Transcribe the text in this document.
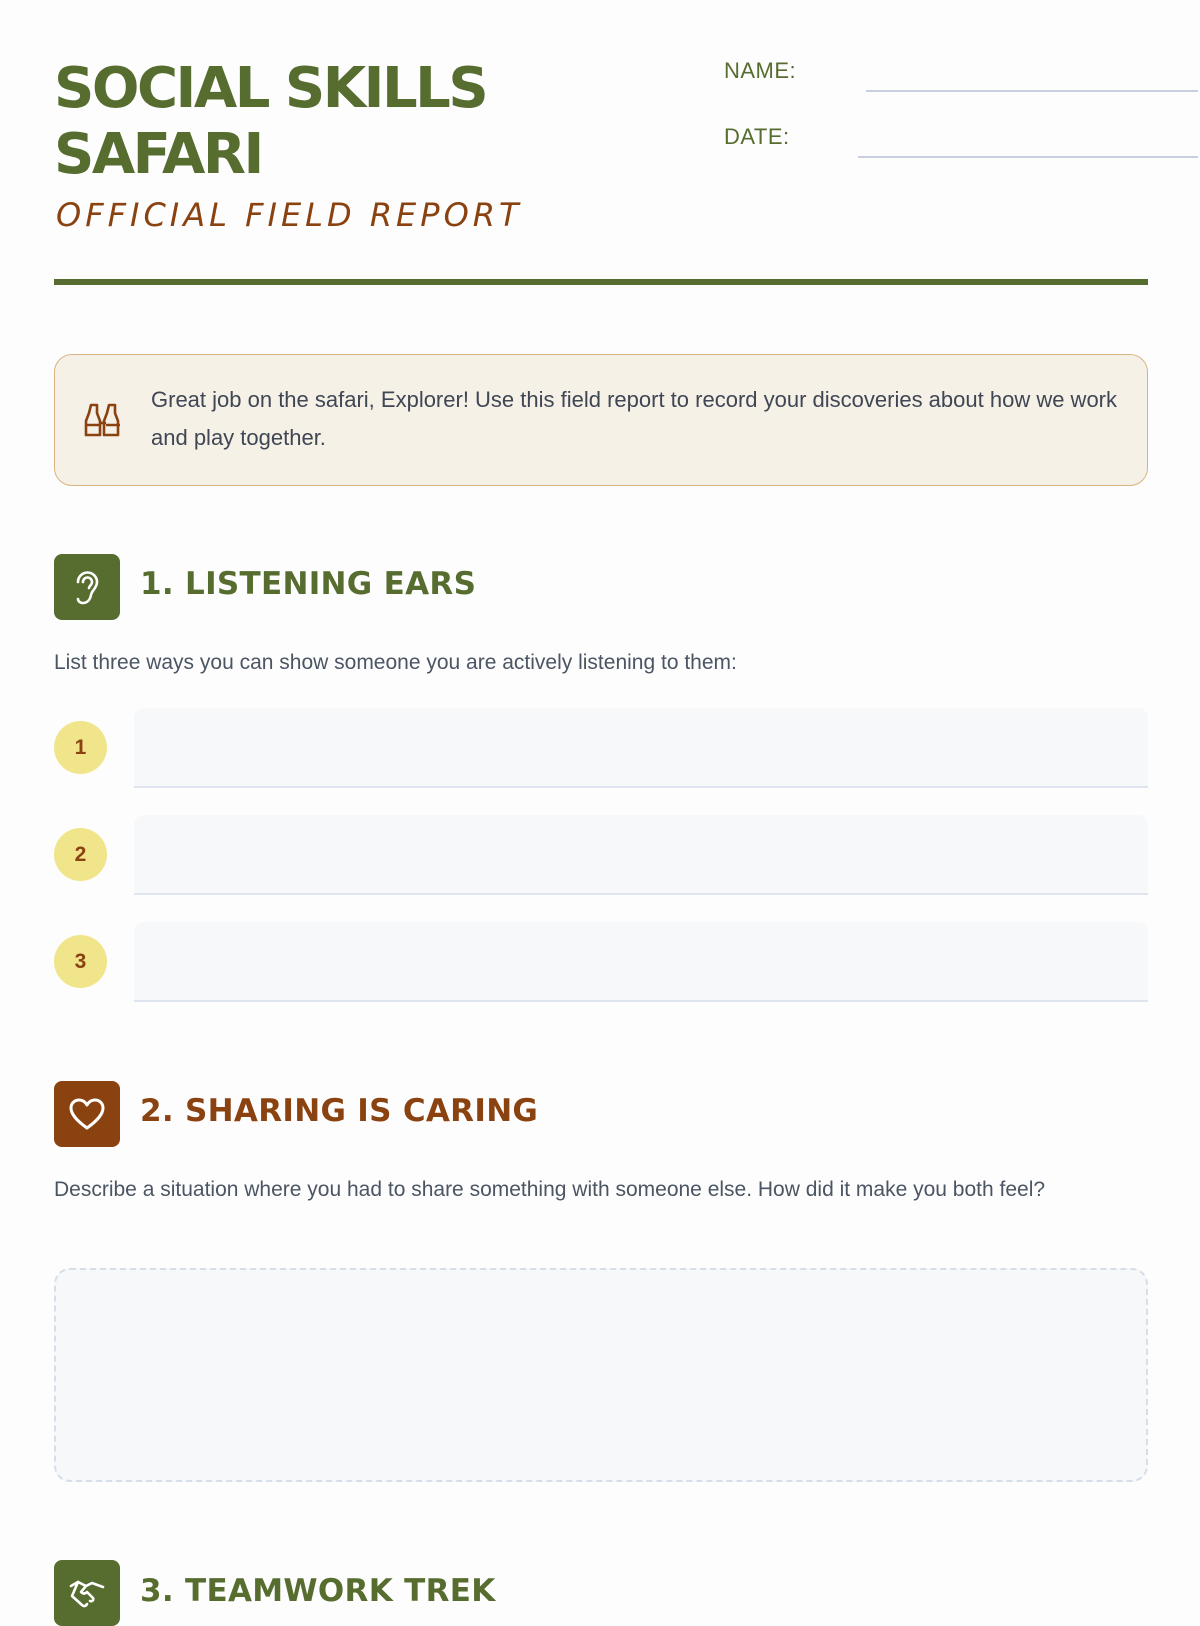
SOCIAL SKILLS
SAFARI

OFFICIAL FIELD REPORT

NAME:
DATE:
Great job on the safari, Explorer! Use this field report to record your discoveries about how we work and play together.
1. LISTENING EARS

List three ways you can show someone you are actively listening to them:

1
2
3
2. SHARING IS CARING

Describe a situation where you had to share something with someone else. How did it make you both feel?

3. TEAMWORK TREK
